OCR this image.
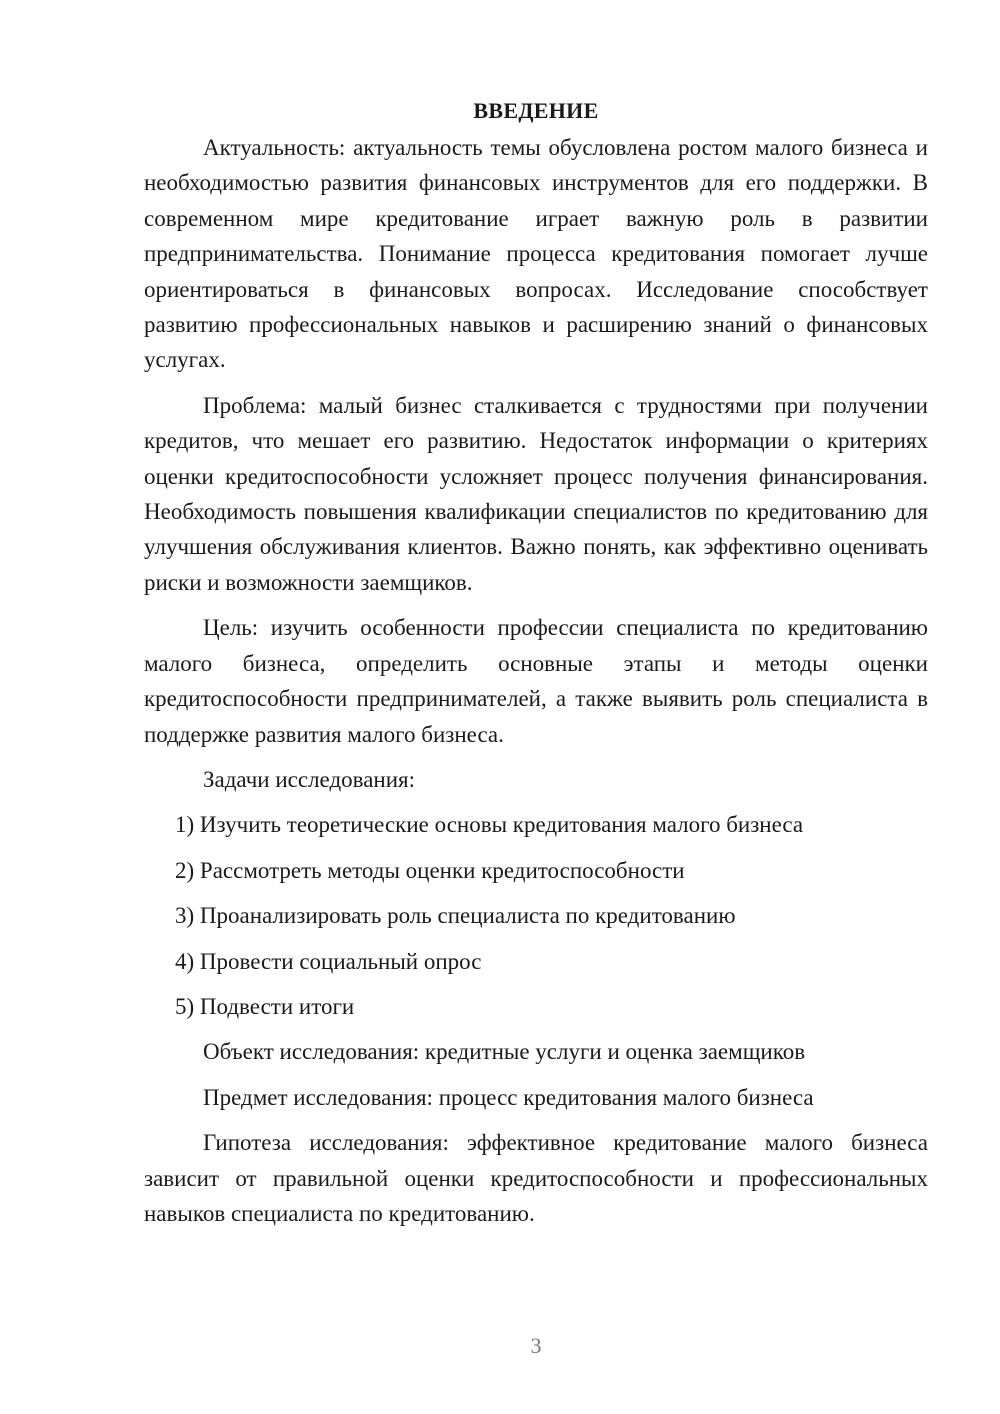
ВВЕДЕНИЕ

Актуальность: актуальность темы обусловлена ростом малого бизнеса и необходимостью развития финансовых инструментов для его поддержки. В современном мире кредитование играет важную роль в развитии предпринимательства. Понимание процесса кредитования помогает лучше ориентироваться в финансовых вопросах. Исследование способствует развитию профессиональных навыков и расширению знаний о финансовых услугах.

Проблема: малый бизнес сталкивается с трудностями при получении кредитов, что мешает его развитию. Недостаток информации о критериях оценки кредитоспособности усложняет процесс получения финансирования. Необходимость повышения квалификации специалистов по кредитованию для улучшения обслуживания клиентов. Важно понять, как эффективно оценивать риски и возможности заемщиков.

Цель: изучить особенности профессии специалиста по кредитованию малого бизнеса, определить основные этапы и методы оценки кредитоспособности предпринимателей, а также выявить роль специалиста в поддержке развития малого бизнеса.

Задачи исследования:

1) Изучить теоретические основы кредитования малого бизнеса

2) Рассмотреть методы оценки кредитоспособности

3) Проанализировать роль специалиста по кредитованию

4) Провести социальный опрос

5) Подвести итоги

Объект исследования: кредитные услуги и оценка заемщиков

Предмет исследования: процесс кредитования малого бизнеса

Гипотеза исследования: эффективное кредитование малого бизнеса зависит от правильной оценки кредитоспособности и профессиональных навыков специалиста по кредитованию.

3
